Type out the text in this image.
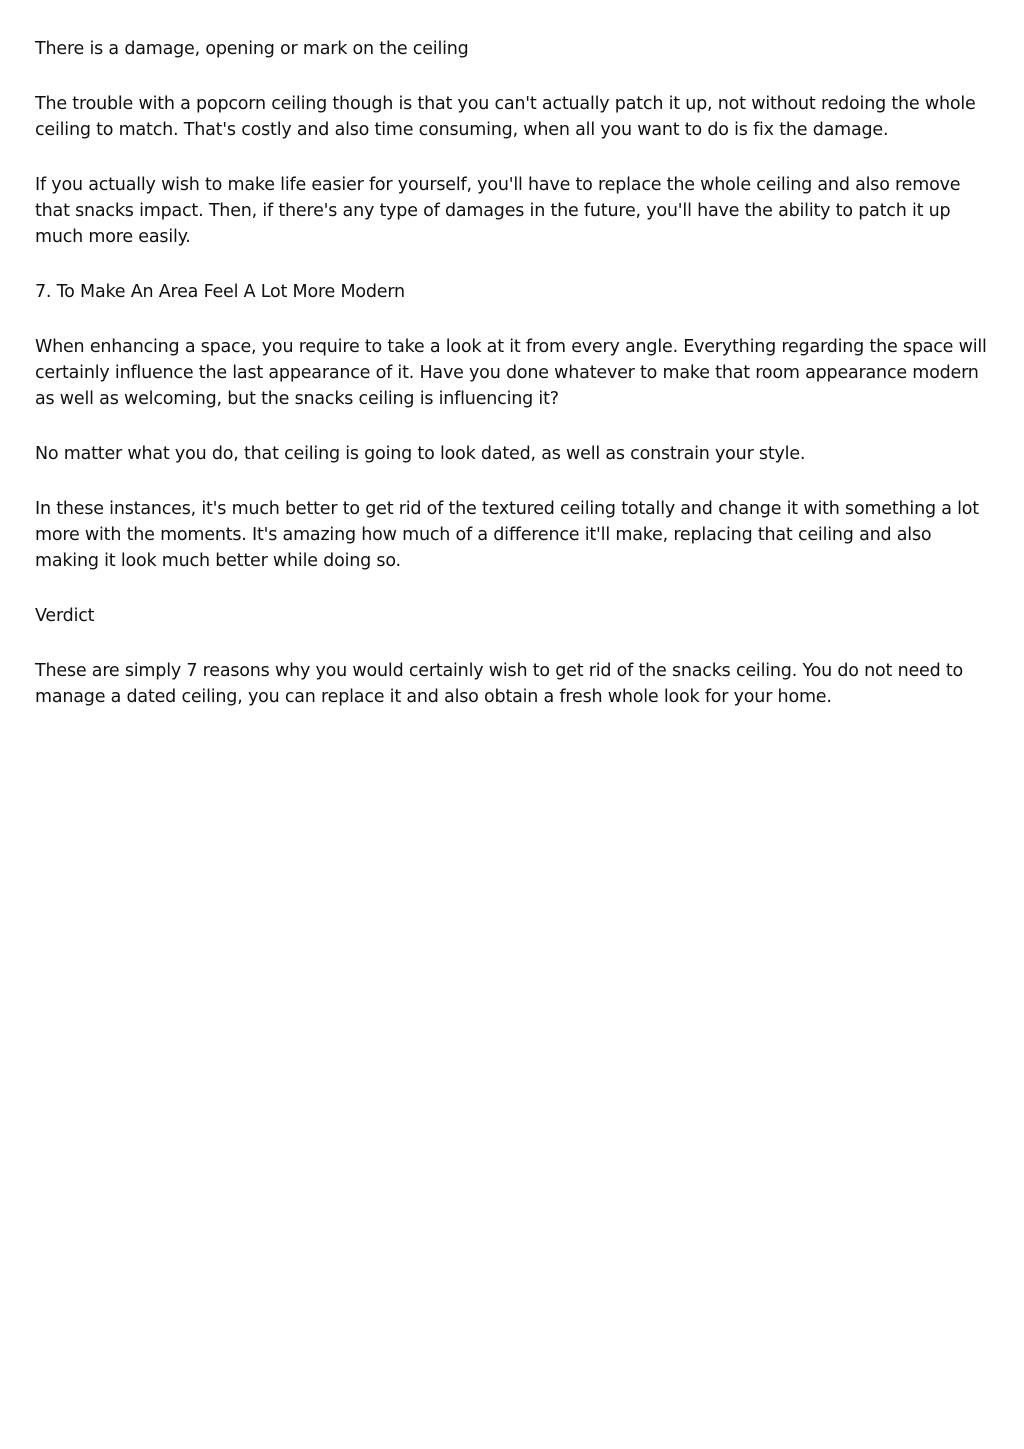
There is a damage, opening or mark on the ceiling

The trouble with a popcorn ceiling though is that you can't actually patch it up, not without redoing the whole ceiling to match. That's costly and also time consuming, when all you want to do is fix the damage.

If you actually wish to make life easier for yourself, you'll have to replace the whole ceiling and also remove that snacks impact. Then, if there's any type of damages in the future, you'll have the ability to patch it up much more easily.

7. To Make An Area Feel A Lot More Modern

When enhancing a space, you require to take a look at it from every angle. Everything regarding the space will certainly influence the last appearance of it. Have you done whatever to make that room appearance modern as well as welcoming, but the snacks ceiling is influencing it?

No matter what you do, that ceiling is going to look dated, as well as constrain your style.

In these instances, it's much better to get rid of the textured ceiling totally and change it with something a lot more with the moments. It's amazing how much of a difference it'll make, replacing that ceiling and also making it look much better while doing so.

Verdict

These are simply 7 reasons why you would certainly wish to get rid of the snacks ceiling. You do not need to manage a dated ceiling, you can replace it and also obtain a fresh whole look for your home.
